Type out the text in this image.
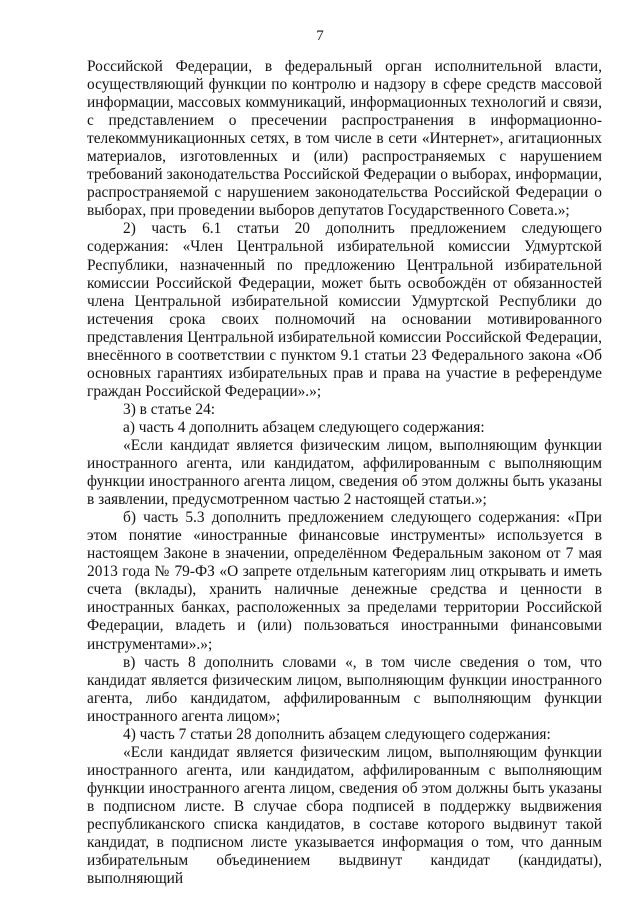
7

Российской Федерации, в федеральный орган исполнительной власти, осуществляющий функции по контролю и надзору в сфере средств массовой информации, массовых коммуникаций, информационных технологий и связи, с представлением о пресечении распространения в информационно-телекоммуникационных сетях, в том числе в сети «Интернет», агитационных материалов, изготовленных и (или) распространяемых с нарушением требований законодательства Российской Федерации о выборах, информации, распространяемой с нарушением законодательства Российской Федерации о выборах, при проведении выборов депутатов Государственного Совета.»;

2) часть 6.1 статьи 20 дополнить предложением следующего содержания: «Член Центральной избирательной комиссии Удмуртской Республики, назначенный по предложению Центральной избирательной комиссии Российской Федерации, может быть освобождён от обязанностей члена Центральной избирательной комиссии Удмуртской Республики до истечения срока своих полномочий на основании мотивированного представления Центральной избирательной комиссии Российской Федерации, внесённого в соответствии с пунктом 9.1 статьи 23 Федерального закона «Об основных гарантиях избирательных прав и права на участие в референдуме граждан Российской Федерации».»;

3) в статье 24:

а) часть 4 дополнить абзацем следующего содержания:

«Если кандидат является физическим лицом, выполняющим функции иностранного агента, или кандидатом, аффилированным с выполняющим функции иностранного агента лицом, сведения об этом должны быть указаны в заявлении, предусмотренном частью 2 настоящей статьи.»;

б) часть 5.3 дополнить предложением следующего содержания: «При этом понятие «иностранные финансовые инструменты» используется в настоящем Законе в значении, определённом Федеральным законом от 7 мая 2013 года № 79-ФЗ «О запрете отдельным категориям лиц открывать и иметь счета (вклады), хранить наличные денежные средства и ценности в иностранных банках, расположенных за пределами территории Российской Федерации, владеть и (или) пользоваться иностранными финансовыми инструментами».»;

в) часть 8 дополнить словами «, в том числе сведения о том, что кандидат является физическим лицом, выполняющим функции иностранного агента, либо кандидатом, аффилированным с выполняющим функции иностранного агента лицом»;

4) часть 7 статьи 28 дополнить абзацем следующего содержания:

«Если кандидат является физическим лицом, выполняющим функции иностранного агента, или кандидатом, аффилированным с выполняющим функции иностранного агента лицом, сведения об этом должны быть указаны в подписном листе. В случае сбора подписей в поддержку выдвижения республиканского списка кандидатов, в составе которого выдвинут такой кандидат, в подписном листе указывается информация о том, что данным избирательным объединением выдвинут кандидат (кандидаты), выполняющий
